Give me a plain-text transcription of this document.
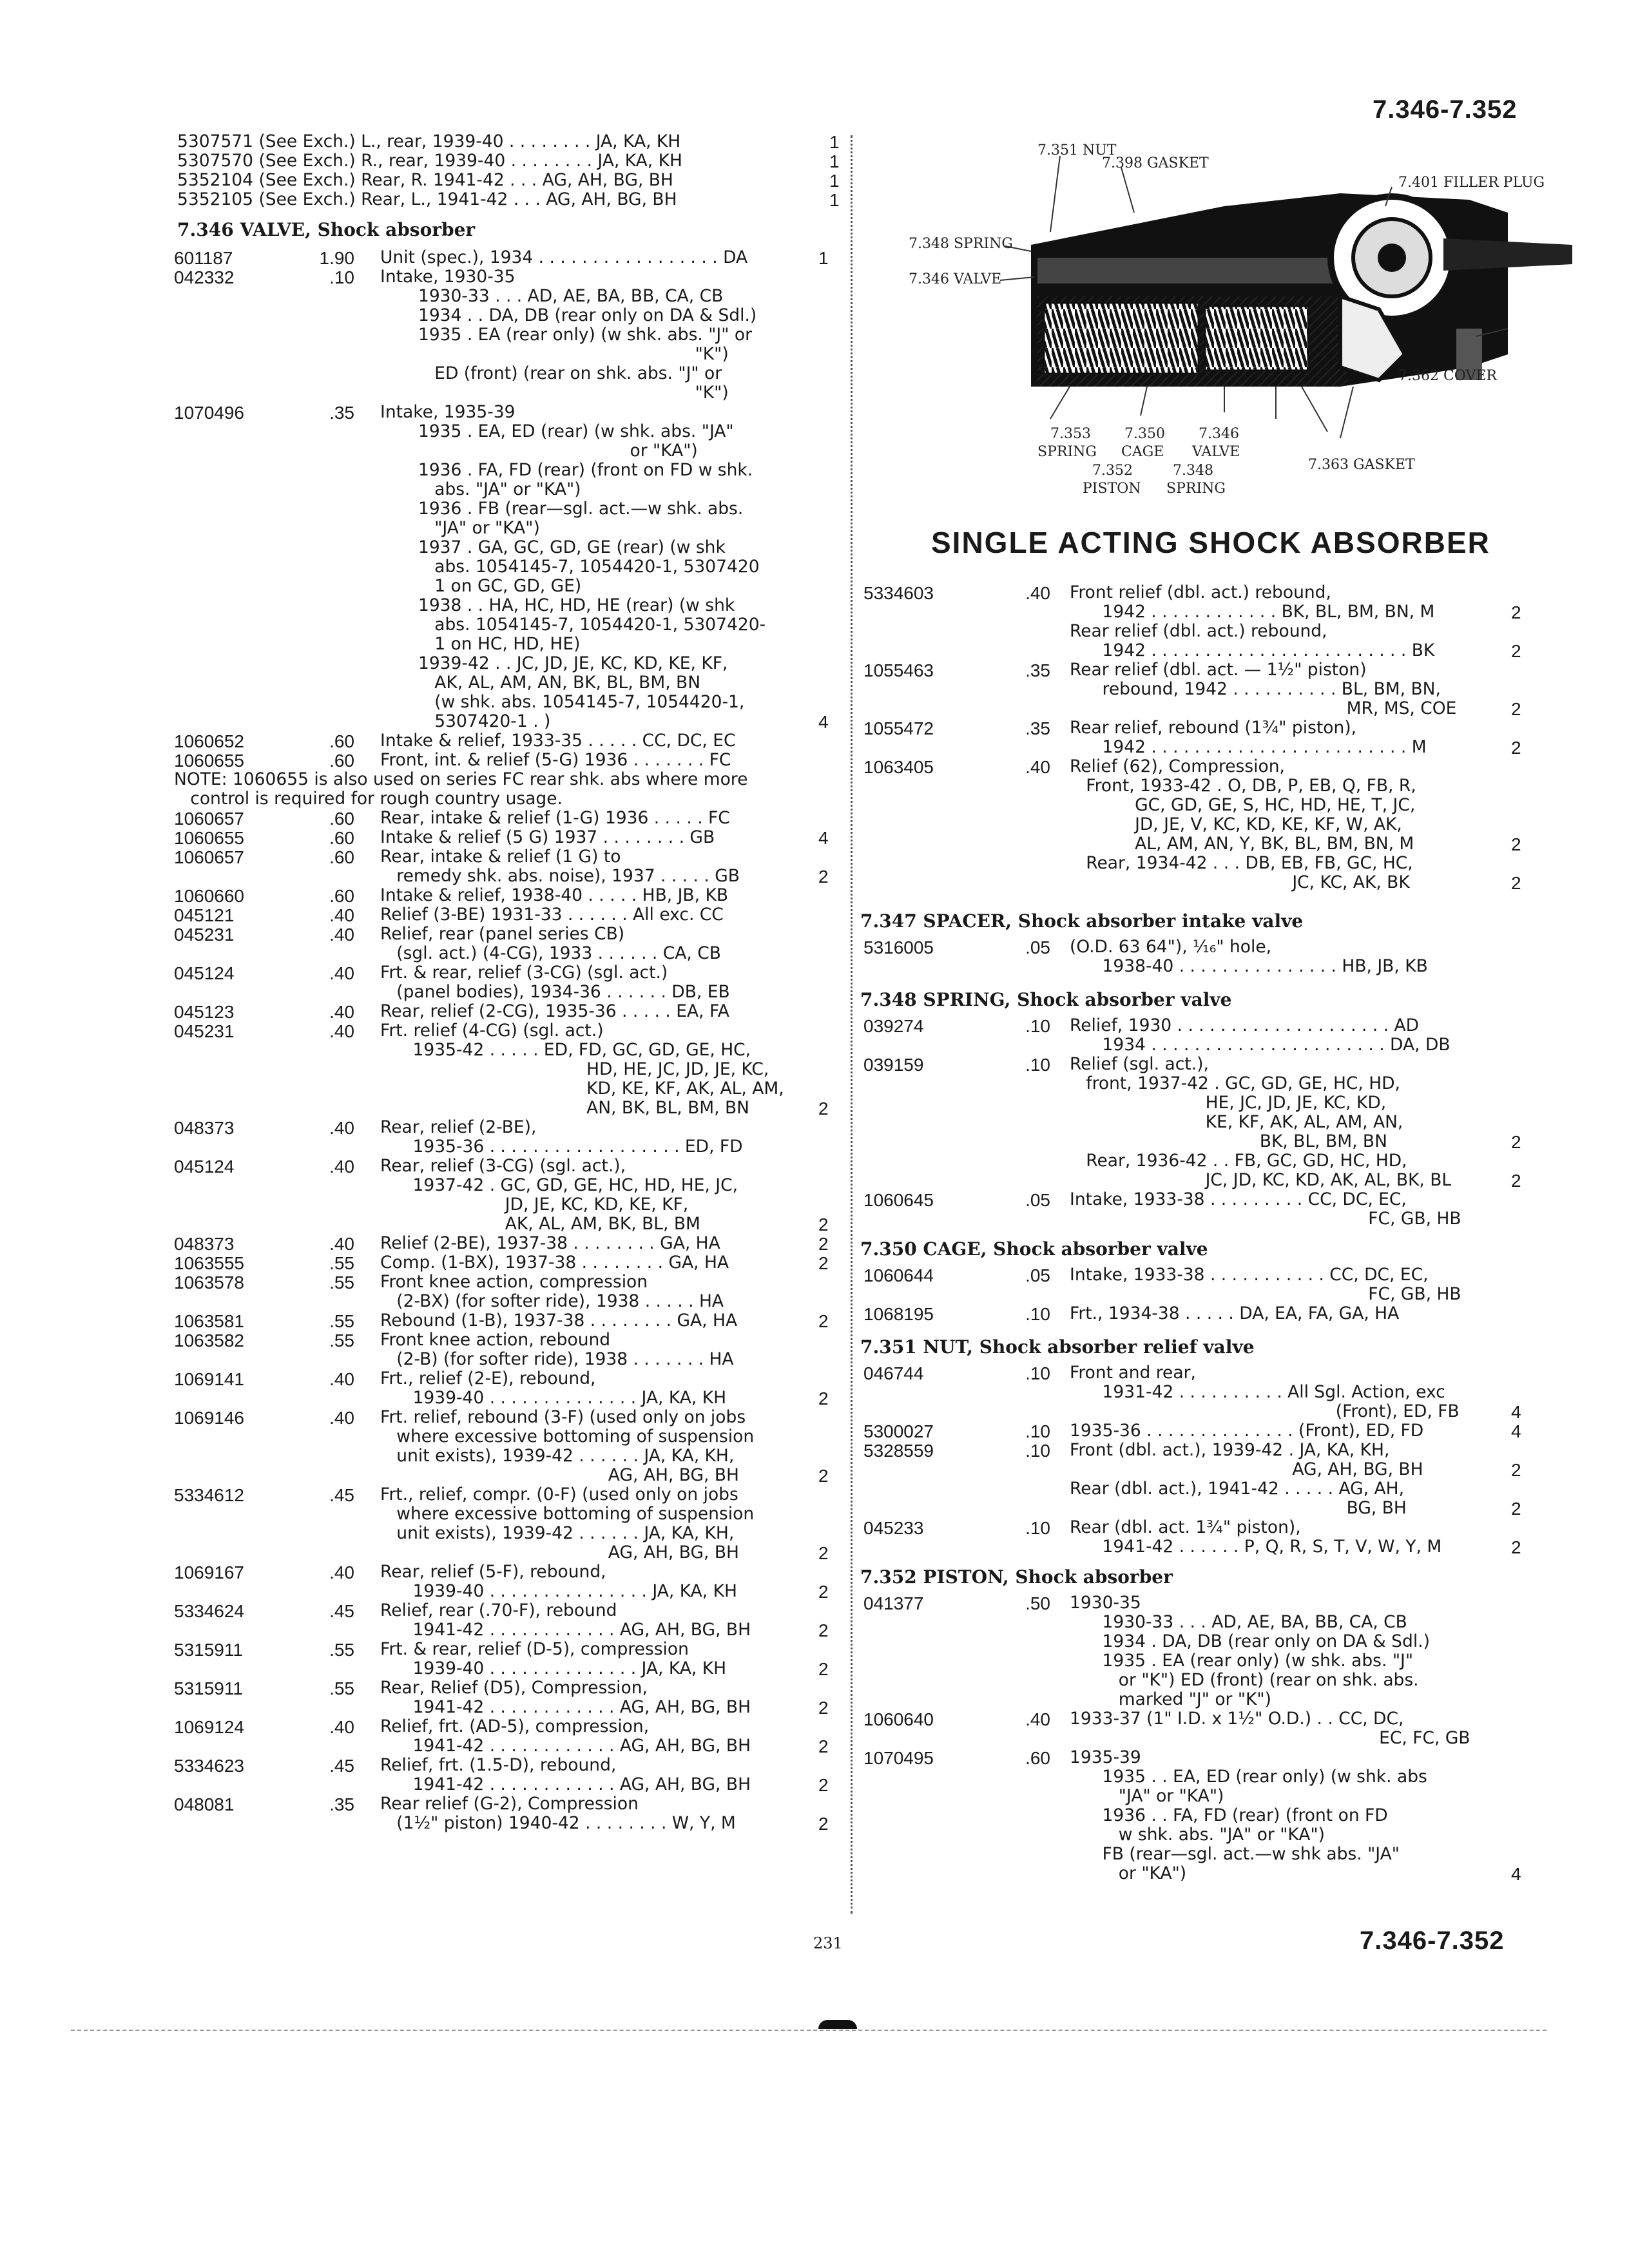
7.346-7.352
5307571 (See Exch.) L., rear, 1939-40 . . . . . . . . JA, KA, KH	1
5307570 (See Exch.) R., rear, 1939-40 . . . . . . . . JA, KA, KH	1
5352104 (See Exch.) Rear, R. 1941-42 . . . AG, AH, BG, BH	1
5352105 (See Exch.) Rear, L., 1941-42 . . . AG, AH, BG, BH	1
7.346 VALVE, Shock absorber
601187	1.90 Unit (spec.), 1934 . . . . . . . . . . . . . . . . . DA	1
042332	.10 Intake, 1930-35
1930-33 . . . AD, AE, BA, BB, CA, CB
1934 . . DA, DB (rear only on DA & Sdl.)
1935 . EA (rear only) (w shk. abs. "J" or
"K")
ED (front) (rear on shk. abs. "J" or
"K")
1070496	.35 Intake, 1935-39
1935 . EA, ED (rear) (w shk. abs. "JA"
or "KA")
1936 . FA, FD (rear) (front on FD w shk.
abs. "JA" or "KA")
1936 . FB (rear—sgl. act.—w shk. abs.
"JA" or "KA")
1937 . GA, GC, GD, GE (rear) (w shk
abs. 1054145-7, 1054420-1, 5307420
1 on GC, GD, GE)
1938 . . HA, HC, HD, HE (rear) (w shk
abs. 1054145-7, 1054420-1, 5307420-
1 on HC, HD, HE)
1939-42 . . JC, JD, JE, KC, KD, KE, KF,
AK, AL, AM, AN, BK, BL, BM, BN
(w shk. abs. 1054145-7, 1054420-1,
5307420-1 . )	4
1060652	.60 Intake & relief, 1933-35 . . . . . CC, DC, EC
1060655	.60 Front, int. & relief (5-G) 1936 . . . . . . . FC
NOTE: 1060655 is also used on series FC rear shk. abs where more
control is required for rough country usage.
1060657	.60 Rear, intake & relief (1-G) 1936 . . . . . FC
1060655	.60 Intake & relief (5 G) 1937 . . . . . . . . GB	4
1060657	.60 Rear, intake & relief (1 G) to
remedy shk. abs. noise), 1937 . . . . . GB	2
1060660	.60 Intake & relief, 1938-40 . . . . . HB, JB, KB
045121	.40 Relief (3-BE) 1931-33 . . . . . . All exc. CC
045231	.40 Relief, rear (panel series CB)
(sgl. act.) (4-CG), 1933 . . . . . . CA, CB
045124	.40 Frt. & rear, relief (3-CG) (sgl. act.)
(panel bodies), 1934-36 . . . . . . DB, EB
045123	.40 Rear, relief (2-CG), 1935-36 . . . . . EA, FA
045231	.40 Frt. relief (4-CG) (sgl. act.)
1935-42 . . . . . ED, FD, GC, GD, GE, HC,
HD, HE, JC, JD, JE, KC,
KD, KE, KF, AK, AL, AM,
AN, BK, BL, BM, BN	2
048373	.40 Rear, relief (2-BE),
1935-36 . . . . . . . . . . . . . . . . . . ED, FD
045124	.40 Rear, relief (3-CG) (sgl. act.),
1937-42 . GC, GD, GE, HC, HD, HE, JC,
JD, JE, KC, KD, KE, KF,
AK, AL, AM, BK, BL, BM	2
048373	.40 Relief (2-BE), 1937-38 . . . . . . . . GA, HA	2
1063555	.55 Comp. (1-BX), 1937-38 . . . . . . . . GA, HA	2
1063578	.55 Front knee action, compression
(2-BX) (for softer ride), 1938 . . . . . HA
1063581	.55 Rebound (1-B), 1937-38 . . . . . . . . GA, HA	2
1063582	.55 Front knee action, rebound
(2-B) (for softer ride), 1938 . . . . . . . HA
1069141	.40 Frt., relief (2-E), rebound,
1939-40 . . . . . . . . . . . . . . JA, KA, KH	2
1069146	.40 Frt. relief, rebound (3-F) (used only on jobs
where excessive bottoming of suspension
unit exists), 1939-42 . . . . . . JA, KA, KH,
AG, AH, BG, BH	2
5334612	.45 Frt., relief, compr. (0-F) (used only on jobs
where excessive bottoming of suspension
unit exists), 1939-42 . . . . . . JA, KA, KH,
AG, AH, BG, BH	2
1069167	.40 Rear, relief (5-F), rebound,
1939-40 . . . . . . . . . . . . . . . JA, KA, KH	2
5334624	.45 Relief, rear (.70-F), rebound
1941-42 . . . . . . . . . . . . AG, AH, BG, BH	2
5315911	.55 Frt. & rear, relief (D-5), compression
1939-40 . . . . . . . . . . . . . . JA, KA, KH	2
5315911	.55 Rear, Relief (D5), Compression,
1941-42 . . . . . . . . . . . . AG, AH, BG, BH	2
1069124	.40 Relief, frt. (AD-5), compression,
1941-42 . . . . . . . . . . . . AG, AH, BG, BH	2
5334623	.45 Relief, frt. (1.5-D), rebound,
1941-42 . . . . . . . . . . . . AG, AH, BG, BH	2
048081	.35 Rear relief (G-2), Compression
(1½" piston) 1940-42 . . . . . . . . W, Y, M	2
7.351 NUT
7.398 GASKET
7.401 FILLER PLUG
7.348 SPRING
7.346 VALVE
7.362 COVER
7.353
SPRING
7.350
CAGE
7.346
VALVE
7.352
PISTON
7.348
SPRING
7.363 GASKET
SINGLE ACTING SHOCK ABSORBER
5334603	.40 Front relief (dbl. act.) rebound,
1942 . . . . . . . . . . . . BK, BL, BM, BN, M	2
Rear relief (dbl. act.) rebound,
1942 . . . . . . . . . . . . . . . . . . . . . . . . BK	2
1055463	.35 Rear relief (dbl. act. — 1½" piston)
rebound, 1942 . . . . . . . . . . BL, BM, BN,
MR, MS, COE	2
1055472	.35 Rear relief, rebound (1¾" piston),
1942 . . . . . . . . . . . . . . . . . . . . . . . . M	2
1063405	.40 Relief (62), Compression,
Front, 1933-42 . O, DB, P, EB, Q, FB, R,
GC, GD, GE, S, HC, HD, HE, T, JC,
JD, JE, V, KC, KD, KE, KF, W, AK,
AL, AM, AN, Y, BK, BL, BM, BN, M	2
Rear, 1934-42 . . . DB, EB, FB, GC, HC,
JC, KC, AK, BK	2
7.347 SPACER, Shock absorber intake valve
5316005	.05 (O.D. 63 64"), ¹⁄₁₆" hole,
1938-40 . . . . . . . . . . . . . . . HB, JB, KB
7.348 SPRING, Shock absorber valve
039274	.10 Relief, 1930 . . . . . . . . . . . . . . . . . . . . AD
1934 . . . . . . . . . . . . . . . . . . . . . . DA, DB
039159	.10 Relief (sgl. act.),
front, 1937-42 . GC, GD, GE, HC, HD,
HE, JC, JD, JE, KC, KD,
KE, KF, AK, AL, AM, AN,
BK, BL, BM, BN	2
Rear, 1936-42 . . FB, GC, GD, HC, HD,
JC, JD, KC, KD, AK, AL, BK, BL	2
1060645	.05 Intake, 1933-38 . . . . . . . . . CC, DC, EC,
FC, GB, HB
7.350 CAGE, Shock absorber valve
1060644	.05 Intake, 1933-38 . . . . . . . . . . . CC, DC, EC,
FC, GB, HB
1068195	.10 Frt., 1934-38 . . . . . DA, EA, FA, GA, HA
7.351 NUT, Shock absorber relief valve
046744	.10 Front and rear,
1931-42 . . . . . . . . . . All Sgl. Action, exc
(Front), ED, FB	4
5300027	.10 1935-36 . . . . . . . . . . . . . . (Front), ED, FD	4
5328559	.10 Front (dbl. act.), 1939-42 . JA, KA, KH,
AG, AH, BG, BH	2
Rear (dbl. act.), 1941-42 . . . . . AG, AH,
BG, BH	2
045233	.10 Rear (dbl. act. 1¾" piston),
1941-42 . . . . . . P, Q, R, S, T, V, W, Y, M	2
7.352 PISTON, Shock absorber
041377	.50 1930-35
1930-33 . . . AD, AE, BA, BB, CA, CB
1934 . DA, DB (rear only on DA & Sdl.)
1935 . EA (rear only) (w shk. abs. "J"
or "K") ED (front) (rear on shk. abs.
marked "J" or "K")
1060640	.40 1933-37 (1" I.D. x 1½" O.D.) . . CC, DC,
EC, FC, GB
1070495	.60 1935-39
1935 . . EA, ED (rear only) (w shk. abs
"JA" or "KA")
1936 . . FA, FD (rear) (front on FD
w shk. abs. "JA" or "KA")
FB (rear—sgl. act.—w shk abs. "JA"
or "KA")	4
231	7.346-7.352
